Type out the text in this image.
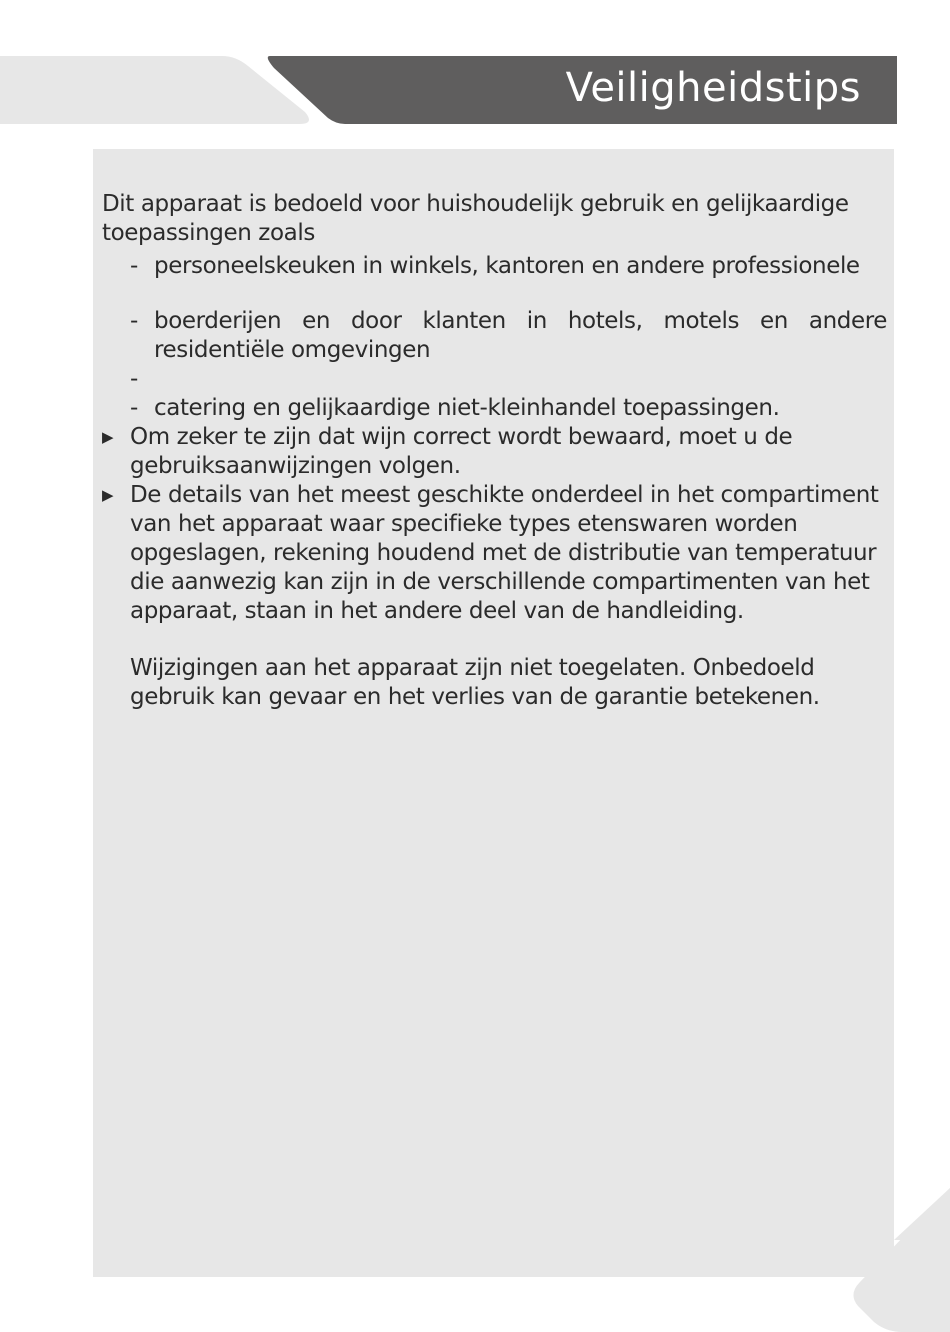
Veiligheidstips

Dit apparaat is bedoeld voor huishoudelijk gebruik en gelijkaardige toepassingen zoals

- personeelskeuken in winkels, kantoren en andere professionele
- boerderijen en door klanten in hotels, motels en andere residentiële omgevingen
-

- catering en gelijkaardige niet-kleinhandel toepassingen.
▶ Om zeker te zijn dat wijn correct wordt bewaard, moet u de gebruiksaanwijzingen volgen.
▶ De details van het meest geschikte onderdeel in het compartiment van het apparaat waar specifieke types etenswaren worden opgeslagen, rekening houdend met de distributie van temperatuur die aanwezig kan zijn in de verschillende compartimenten van het apparaat, staan in het andere deel van de handleiding.

Wijzigingen aan het apparaat zijn niet toegelaten. Onbedoeld gebruik kan gevaar en het verlies van de garantie betekenen.
